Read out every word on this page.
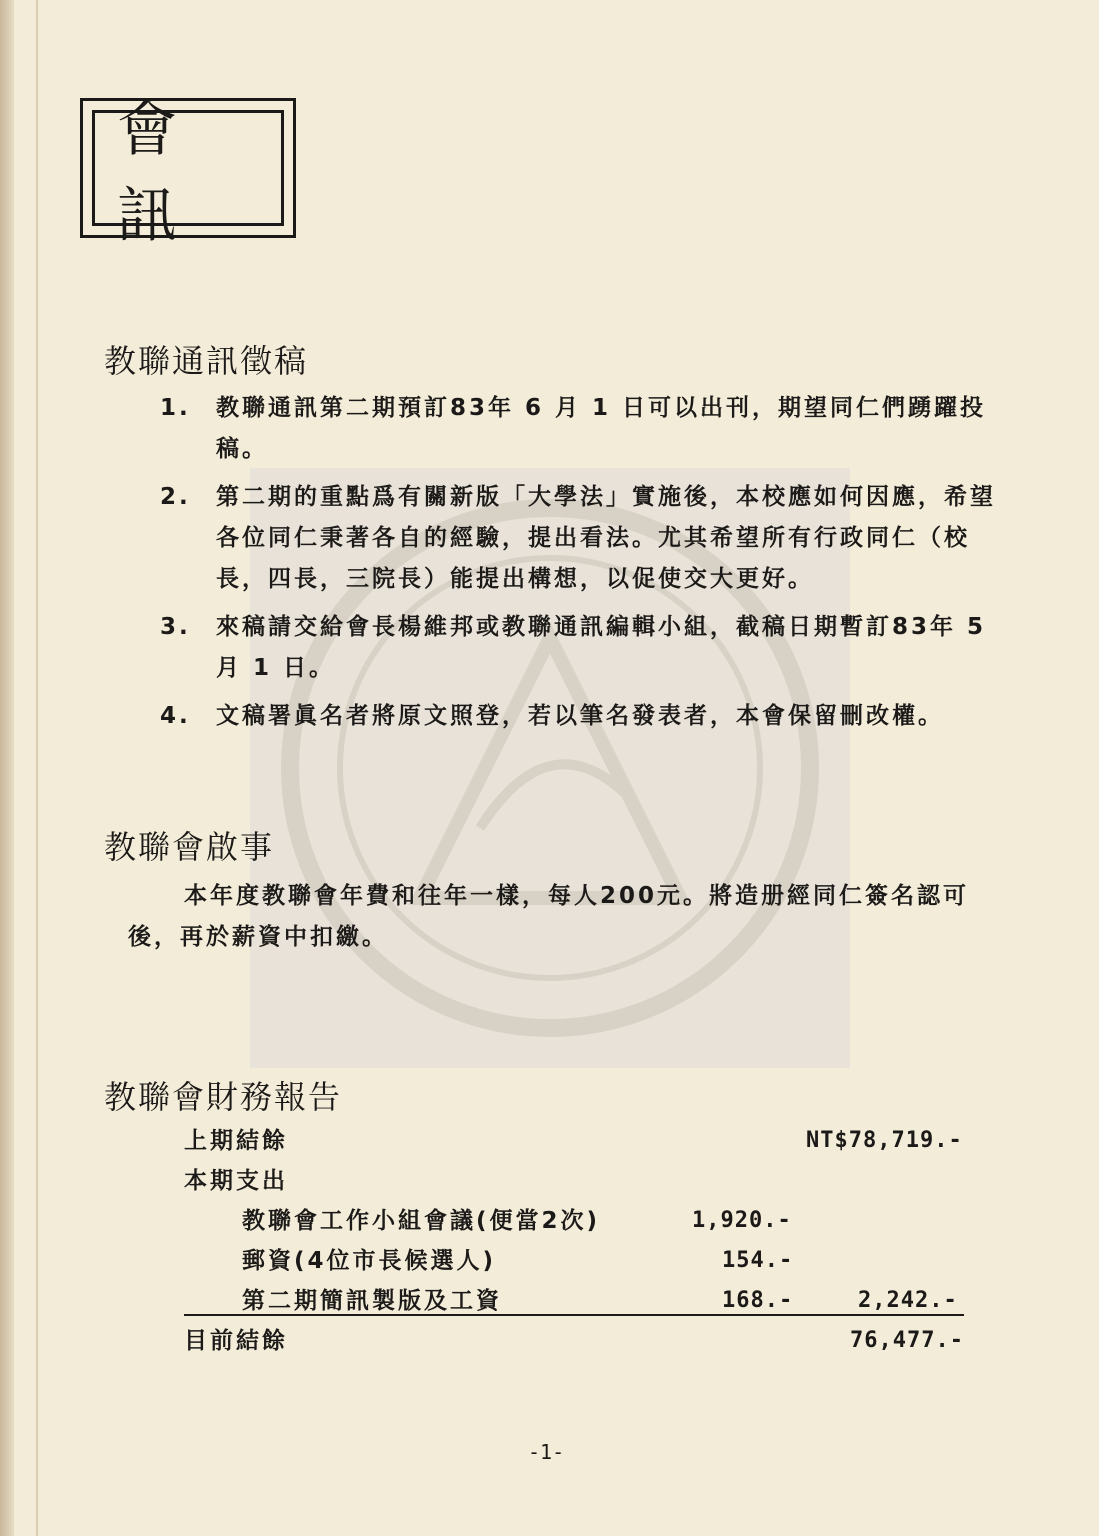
會 訊
教聯通訊徵稿
1.	教聯通訊第二期預訂83年 6 月 1 日可以出刊，期望同仁們踴躍投稿。
2.	第二期的重點爲有關新版「大學法」實施後，本校應如何因應，希望各位同仁秉著各自的經驗，提出看法。尤其希望所有行政同仁（校長，四長，三院長）能提出構想，以促使交大更好。
3.	來稿請交給會長楊維邦或教聯通訊編輯小組，截稿日期暫訂83年 5 月 1 日。
4.	文稿署眞名者將原文照登，若以筆名發表者，本會保留刪改權。
教聯會啟事
本年度教聯會年費和往年一樣，每人200元。將造册經同仁簽名認可後，再於薪資中扣繳。
教聯會財務報告
上期結餘	NT$78,719.-
本期支出
教聯會工作小組會議(便當2次)	1,920.-
郵資(4位市長候選人)	154.-
第二期簡訊製版及工資	168.-	2,242.-
目前結餘	76,477.-
-1-
